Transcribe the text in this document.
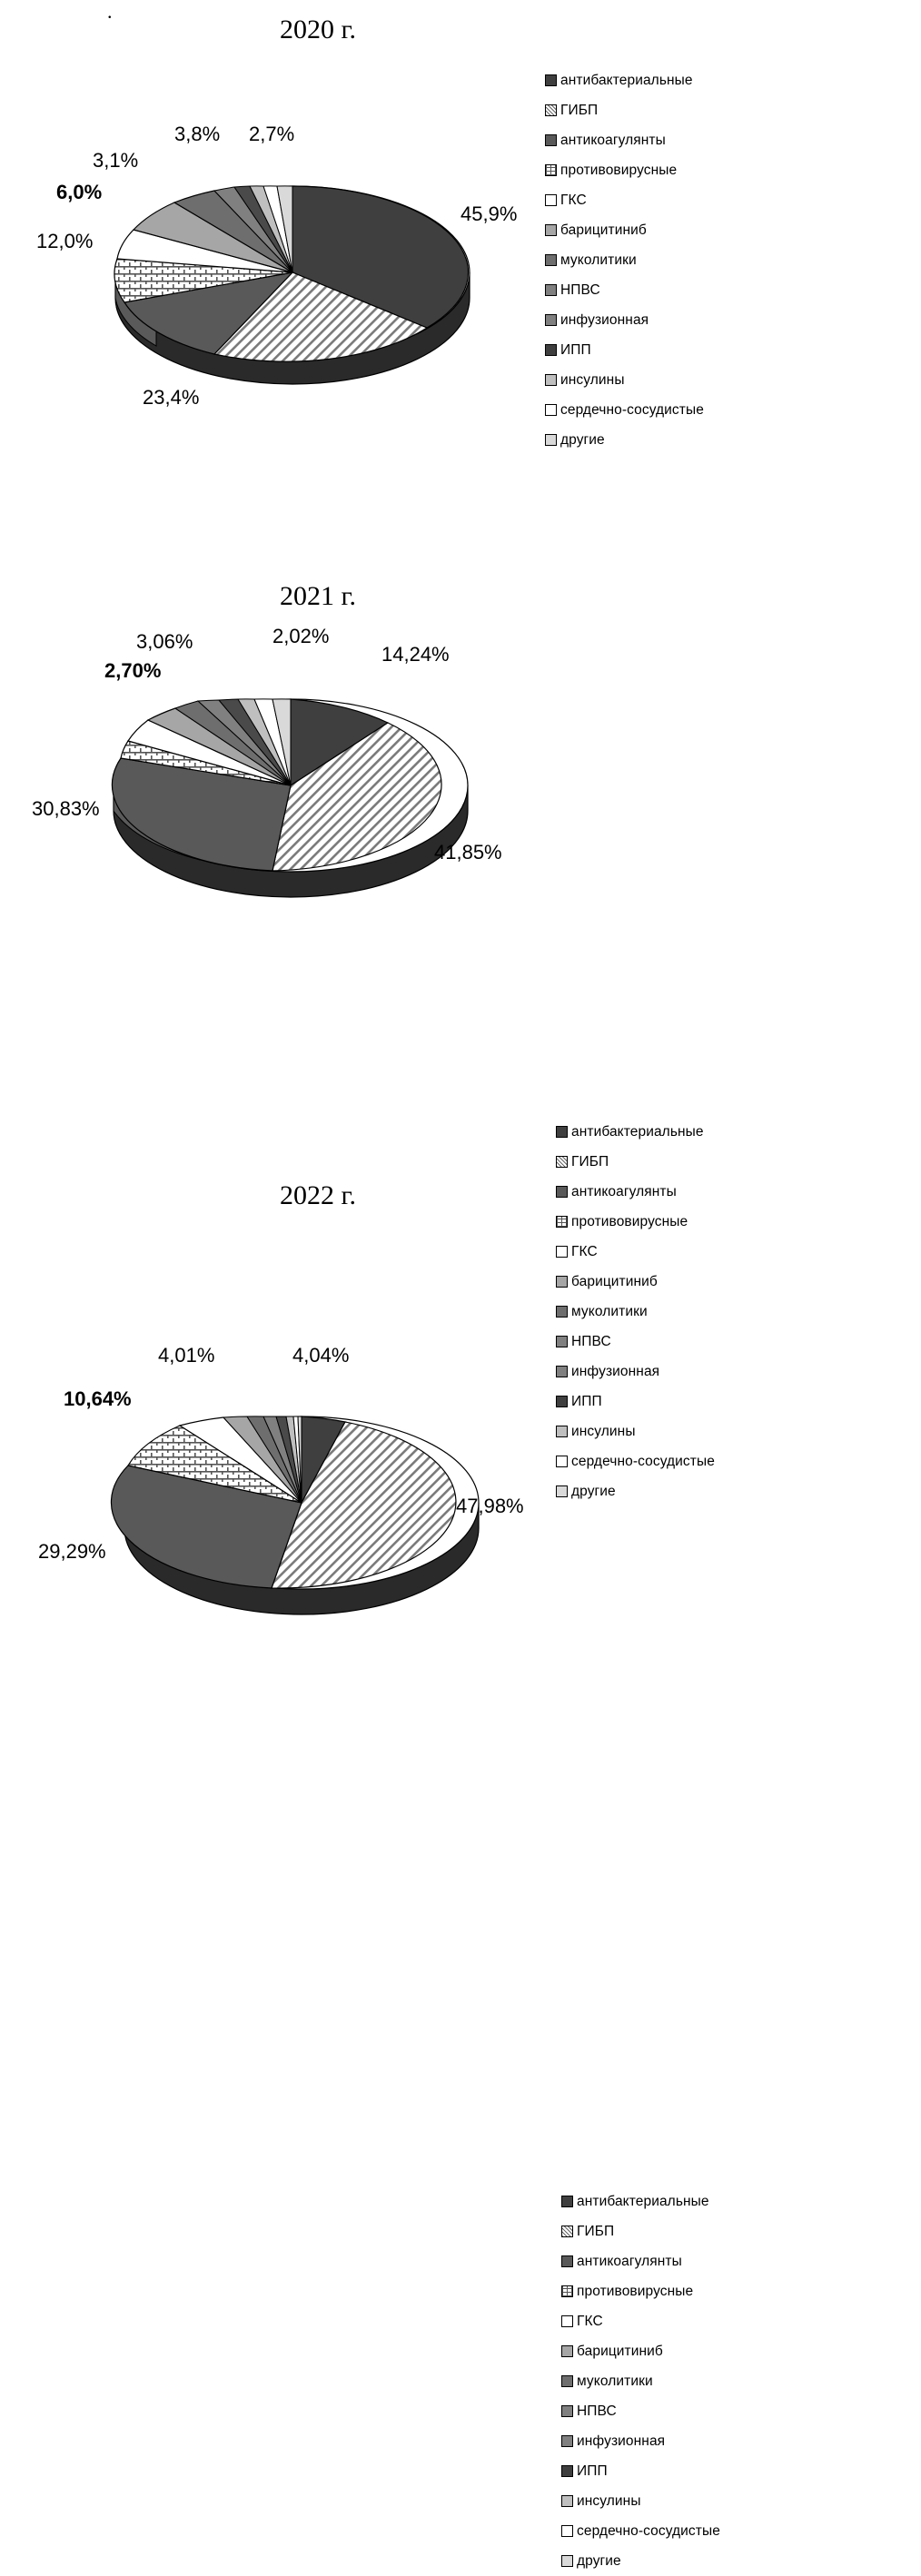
.
2020 г.
45,9%
23,4%
12,0%
6,0%
3,1%
3,8% 2,7%
антибактериальные
ГИБП
антикоагулянты
противовирусные
ГКС
барицитиниб
муколитики
НПВС
инфузионная
ИПП
инсулины
сердечно-сосудистые
другие
2021 г.
14,24%
41,85%
30,83%
2,70%
3,06%	2,02%
антибактериальные
ГИБП
антикоагулянты
противовирусные
ГКС
барицитиниб
муколитики
НПВС
инфузионная
ИПП
инсулины
сердечно-сосудистые
другие
2022 г.
4,04%
47,98%
29,29%
10,64%
4,01%
антибактериальные
ГИБП
антикоагулянты
противовирусные
ГКС
барицитиниб
муколитики
НПВС
инфузионная
ИПП
инсулины
сердечно-сосудистые
другие
